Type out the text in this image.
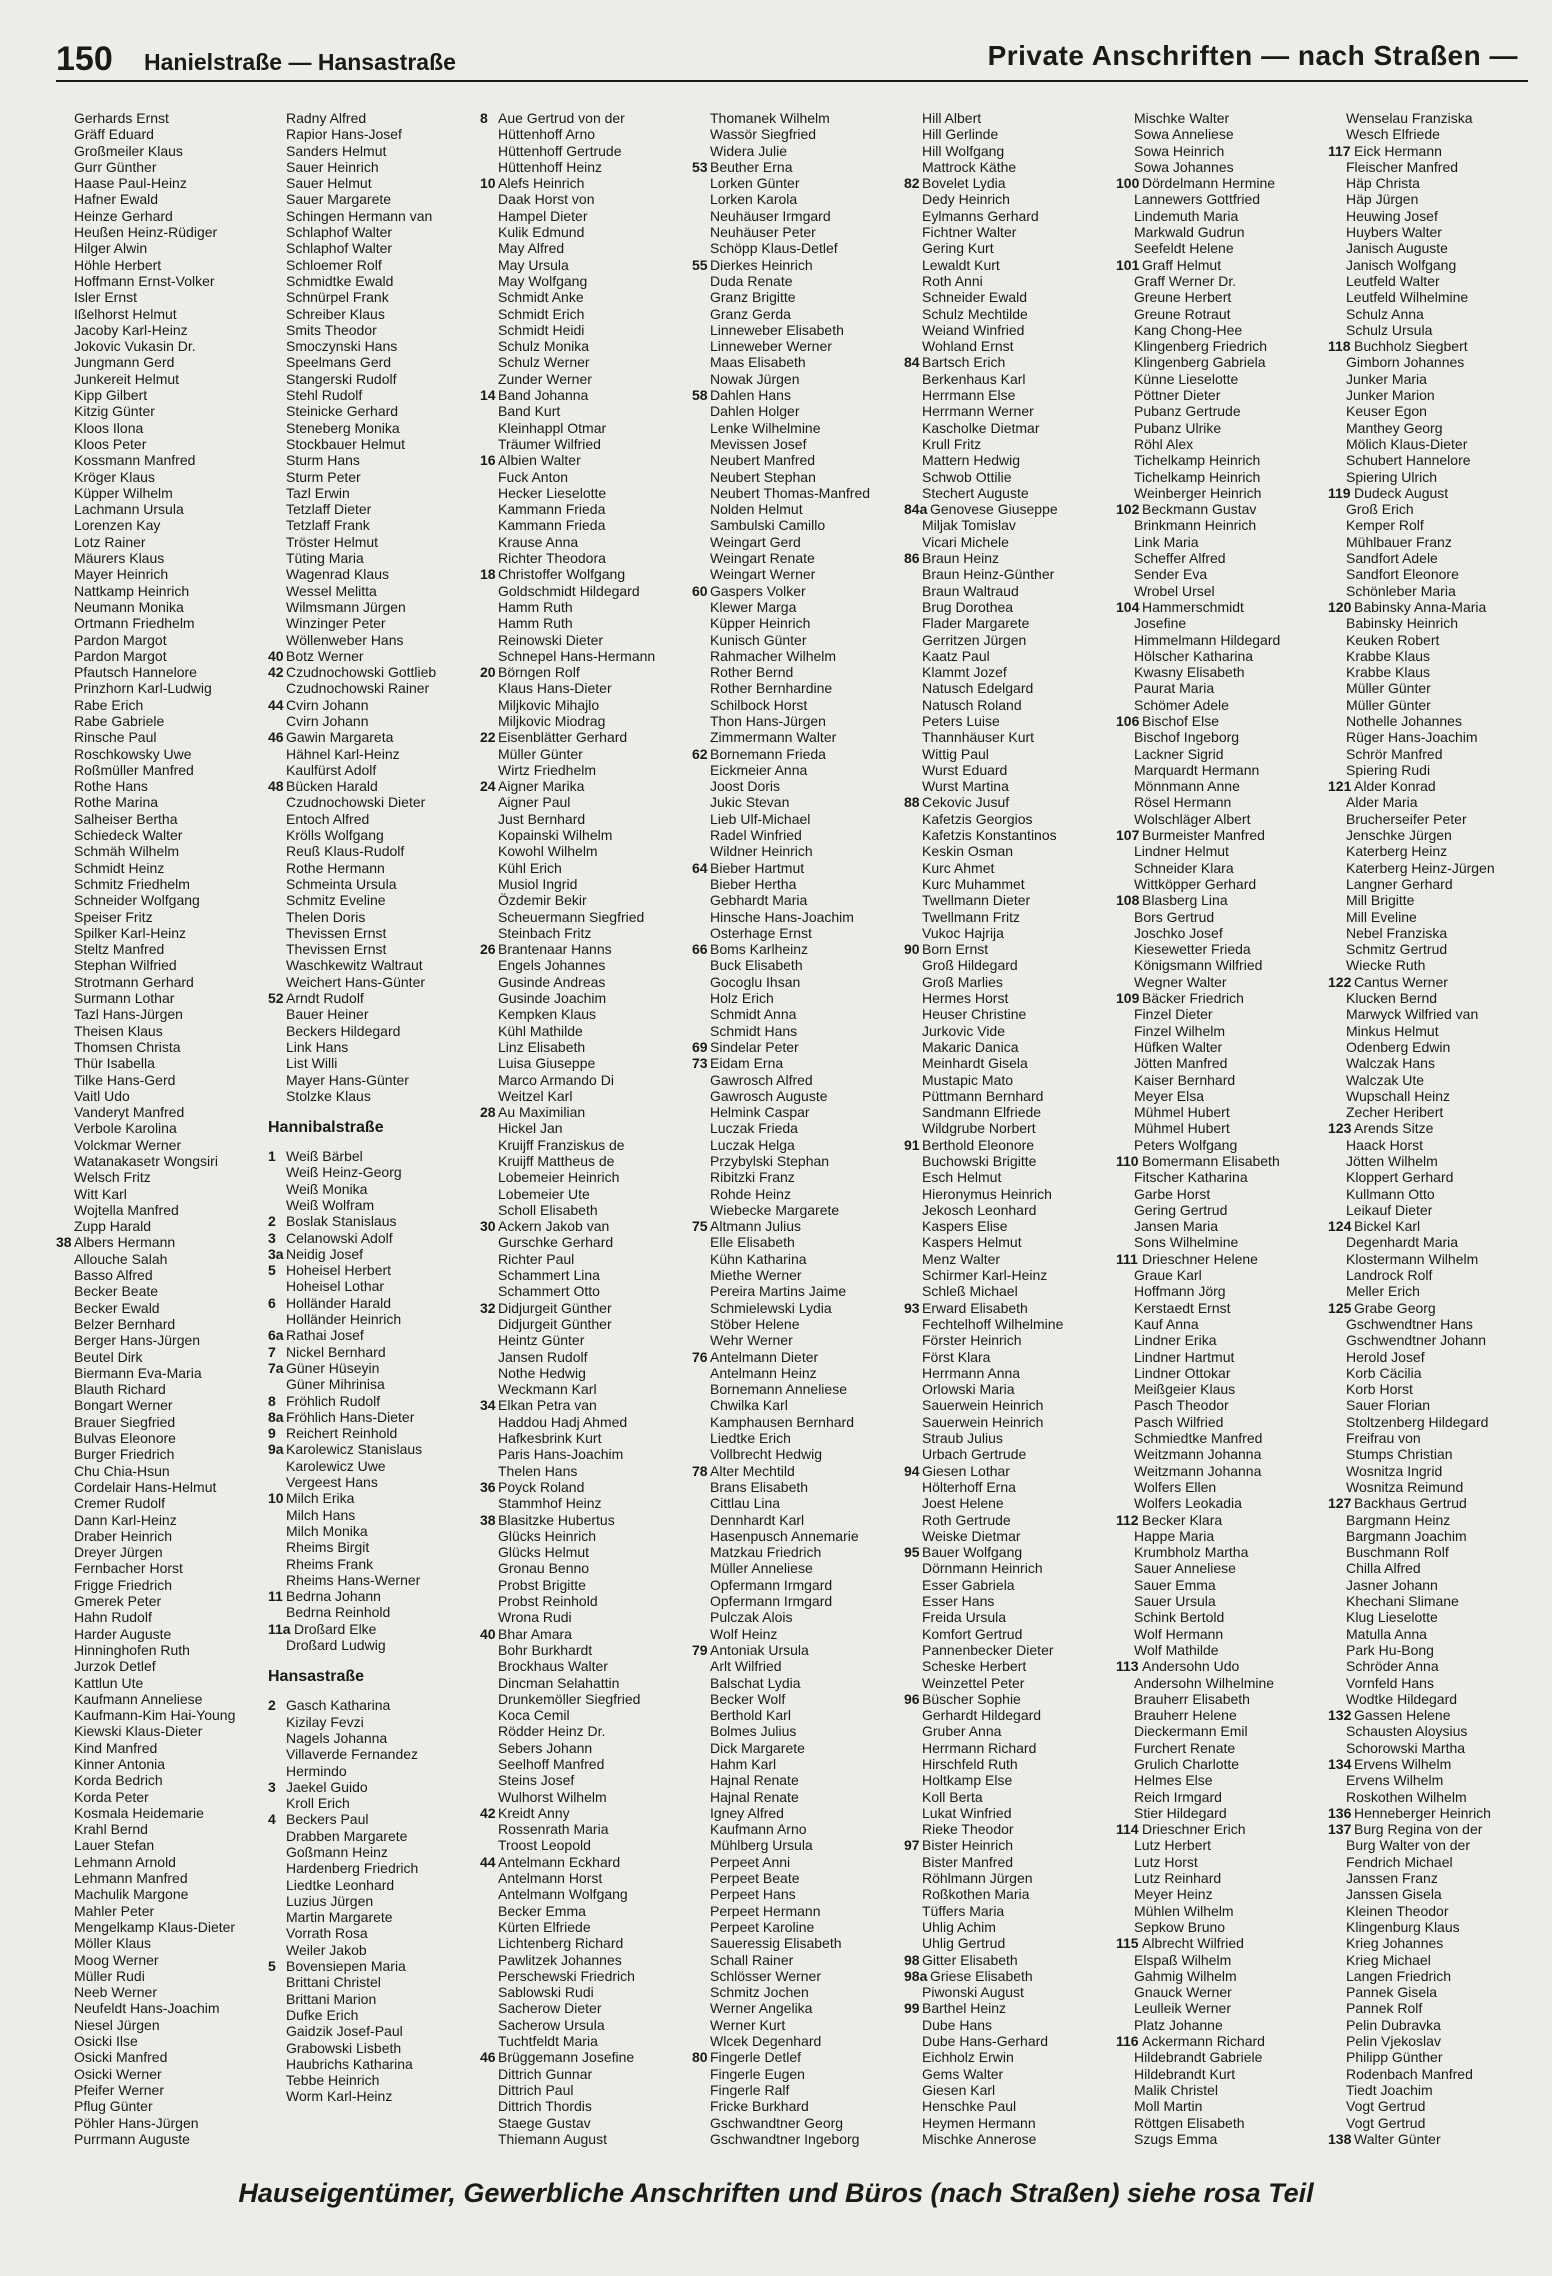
150 Hanielstraße — Hansastraße	Private Anschriften — nach Straßen —
Gerhards Ernst
Gräff Eduard
Großmeiler Klaus
Gurr Günther
Haase Paul-Heinz
Hafner Ewald
Heinze Gerhard
Heußen Heinz-Rüdiger
Hilger Alwin
Höhle Herbert
Hoffmann Ernst-Volker
Isler Ernst
Ißelhorst Helmut
Jacoby Karl-Heinz
Jokovic Vukasin Dr.
Jungmann Gerd
Junkereit Helmut
Kipp Gilbert
Kitzig Günter
Kloos Ilona
Kloos Peter
Kossmann Manfred
Kröger Klaus
Küpper Wilhelm
Lachmann Ursula
Lorenzen Kay
Lotz Rainer
Mäurers Klaus
Mayer Heinrich
Nattkamp Heinrich
Neumann Monika
Ortmann Friedhelm
Pardon Margot
Pardon Margot
Pfautsch Hannelore
Prinzhorn Karl-Ludwig
Rabe Erich
Rabe Gabriele
Rinsche Paul
Roschkowsky Uwe
Roßmüller Manfred
Rothe Hans
Rothe Marina
Salheiser Bertha
Schiedeck Walter
Schmäh Wilhelm
Schmidt Heinz
Schmitz Friedhelm
Schneider Wolfgang
Speiser Fritz
Spilker Karl-Heinz
Steltz Manfred
Stephan Wilfried
Strotmann Gerhard
Surmann Lothar
Tazl Hans-Jürgen
Theisen Klaus
Thomsen Christa
Thür Isabella
Tilke Hans-Gerd
Vaitl Udo
Vanderyt Manfred
Verbole Karolina
Volckmar Werner
Watanakasetr Wongsiri
Welsch Fritz
Witt Karl
Wojtella Manfred
Zupp Harald
38 Albers Hermann
Allouche Salah
Basso Alfred
Becker Beate
Becker Ewald
Belzer Bernhard
Berger Hans-Jürgen
Beutel Dirk
Biermann Eva-Maria
Blauth Richard
Bongart Werner
Brauer Siegfried
Bulvas Eleonore
Burger Friedrich
Chu Chia-Hsun
Cordelair Hans-Helmut
Cremer Rudolf
Dann Karl-Heinz
Draber Heinrich
Dreyer Jürgen
Fernbacher Horst
Frigge Friedrich
Gmerek Peter
Hahn Rudolf
Harder Auguste
Hinninghofen Ruth
Jurzok Detlef
Kattlun Ute
Kaufmann Anneliese
Kaufmann-Kim Hai-Young
Kiewski Klaus-Dieter
Kind Manfred
Kinner Antonia
Korda Bedrich
Korda Peter
Kosmala Heidemarie
Krahl Bernd
Lauer Stefan
Lehmann Arnold
Lehmann Manfred
Machulik Margone
Mahler Peter
Mengelkamp Klaus-Dieter
Möller Klaus
Moog Werner
Müller Rudi
Neeb Werner
Neufeldt Hans-Joachim
Niesel Jürgen
Osicki Ilse
Osicki Manfred
Osicki Werner
Pfeifer Werner
Pflug Günter
Pöhler Hans-Jürgen
Purrmann Auguste
Radny Alfred
Rapior Hans-Josef
Sanders Helmut
Sauer Heinrich
Sauer Helmut
Sauer Margarete
Schingen Hermann van
Schlaphof Walter
Schlaphof Walter
Schloemer Rolf
Schmidtke Ewald
Schnürpel Frank
Schreiber Klaus
Smits Theodor
Smoczynski Hans
Speelmans Gerd
Stangerski Rudolf
Stehl Rudolf
Steinicke Gerhard
Steneberg Monika
Stockbauer Helmut
Sturm Hans
Sturm Peter
Tazl Erwin
Tetzlaff Dieter
Tetzlaff Frank
Tröster Helmut
Tüting Maria
Wagenrad Klaus
Wessel Melitta
Wilmsmann Jürgen
Winzinger Peter
Wöllenweber Hans
40 Botz Werner
42 Czudnochowski Gottlieb
Czudnochowski Rainer
44 Cvirn Johann
Cvirn Johann
46 Gawin Margareta
Hähnel Karl-Heinz
Kaulfürst Adolf
48 Bücken Harald
Czudnochowski Dieter
Entoch Alfred
Krölls Wolfgang
Reuß Klaus-Rudolf
Rothe Hermann
Schmeinta Ursula
Schmitz Eveline
Thelen Doris
Thevissen Ernst
Thevissen Ernst
Waschkewitz Waltraut
Weichert Hans-Günter
52 Arndt Rudolf
Bauer Heiner
Beckers Hildegard
Link Hans
List Willi
Mayer Hans-Günter
Stolzke Klaus
Hannibalstraße
1 Weiß Bärbel
Weiß Heinz-Georg
Weiß Monika
Weiß Wolfram
2 Boslak Stanislaus
3 Celanowski Adolf
3a Neidig Josef
5 Hoheisel Herbert
Hoheisel Lothar
6 Holländer Harald
Holländer Heinrich
6a Rathai Josef
7 Nickel Bernhard
7a Güner Hüseyin
Güner Mihrinisa
8 Fröhlich Rudolf
8a Fröhlich Hans-Dieter
9 Reichert Reinhold
9a Karolewicz Stanislaus
Karolewicz Uwe
Vergeest Hans
10 Milch Erika
Milch Hans
Milch Monika
Rheims Birgit
Rheims Frank
Rheims Hans-Werner
11 Bedrna Johann
Bedrna Reinhold
11a Droßard Elke
Droßard Ludwig
Hansastraße
2 Gasch Katharina
Kizilay Fevzi
Nagels Johanna
Villaverde Fernandez
Hermindo
3 Jaekel Guido
Kroll Erich
4 Beckers Paul
Drabben Margarete
Goßmann Heinz
Hardenberg Friedrich
Liedtke Leonhard
Luzius Jürgen
Martin Margarete
Vorrath Rosa
Weiler Jakob
5 Bovensiepen Maria
Brittani Christel
Brittani Marion
Dufke Erich
Gaidzik Josef-Paul
Grabowski Lisbeth
Haubrichs Katharina
Tebbe Heinrich
Worm Karl-Heinz
8 Aue Gertrud von der
Hüttenhoff Arno
Hüttenhoff Gertrude
Hüttenhoff Heinz
10 Alefs Heinrich
Daak Horst von
Hampel Dieter
Kulik Edmund
May Alfred
May Ursula
May Wolfgang
Schmidt Anke
Schmidt Erich
Schmidt Heidi
Schulz Monika
Schulz Werner
Zunder Werner
14 Band Johanna
Band Kurt
Kleinhappl Otmar
Träumer Wilfried
16 Albien Walter
Fuck Anton
Hecker Lieselotte
Kammann Frieda
Kammann Frieda
Krause Anna
Richter Theodora
18 Christoffer Wolfgang
Goldschmidt Hildegard
Hamm Ruth
Hamm Ruth
Reinowski Dieter
Schnepel Hans-Hermann
20 Börngen Rolf
Klaus Hans-Dieter
Miljkovic Mihajlo
Miljkovic Miodrag
22 Eisenblätter Gerhard
Müller Günter
Wirtz Friedhelm
24 Aigner Marika
Aigner Paul
Just Bernhard
Kopainski Wilhelm
Kowohl Wilhelm
Kühl Erich
Musiol Ingrid
Özdemir Bekir
Scheuermann Siegfried
Steinbach Fritz
26 Brantenaar Hanns
Engels Johannes
Gusinde Andreas
Gusinde Joachim
Kempken Klaus
Kühl Mathilde
Linz Elisabeth
Luisa Giuseppe
Marco Armando Di
Weitzel Karl
28 Au Maximilian
Hickel Jan
Kruijff Franziskus de
Kruijff Mattheus de
Lobemeier Heinrich
Lobemeier Ute
Scholl Elisabeth
30 Ackern Jakob van
Gurschke Gerhard
Richter Paul
Schammert Lina
Schammert Otto
32 Didjurgeit Günther
Didjurgeit Günther
Heintz Günter
Jansen Rudolf
Nothe Hedwig
Weckmann Karl
34 Elkan Petra van
Haddou Hadj Ahmed
Hafkesbrink Kurt
Paris Hans-Joachim
Thelen Hans
36 Poyck Roland
Stammhof Heinz
38 Blasitzke Hubertus
Glücks Heinrich
Glücks Helmut
Gronau Benno
Probst Brigitte
Probst Reinhold
Wrona Rudi
40 Bhar Amara
Bohr Burkhardt
Brockhaus Walter
Dincman Selahattin
Drunkemöller Siegfried
Koca Cemil
Rödder Heinz Dr.
Sebers Johann
Seelhoff Manfred
Steins Josef
Wulhorst Wilhelm
42 Kreidt Anny
Rossenrath Maria
Troost Leopold
44 Antelmann Eckhard
Antelmann Horst
Antelmann Wolfgang
Becker Emma
Kürten Elfriede
Lichtenberg Richard
Pawlitzek Johannes
Perschewski Friedrich
Sablowski Rudi
Sacherow Dieter
Sacherow Ursula
Tuchtfeldt Maria
46 Brüggemann Josefine
Dittrich Gunnar
Dittrich Paul
Dittrich Thordis
Staege Gustav
Thiemann August
Thomanek Wilhelm
Wassör Siegfried
Widera Julie
53 Beuther Erna
Lorken Günter
Lorken Karola
Neuhäuser Irmgard
Neuhäuser Peter
Schöpp Klaus-Detlef
55 Dierkes Heinrich
Duda Renate
Granz Brigitte
Granz Gerda
Linneweber Elisabeth
Linneweber Werner
Maas Elisabeth
Nowak Jürgen
58 Dahlen Hans
Dahlen Holger
Lenke Wilhelmine
Mevissen Josef
Neubert Manfred
Neubert Stephan
Neubert Thomas-Manfred
Nolden Helmut
Sambulski Camillo
Weingart Gerd
Weingart Renate
Weingart Werner
60 Gaspers Volker
Klewer Marga
Küpper Heinrich
Kunisch Günter
Rahmacher Wilhelm
Rother Bernd
Rother Bernhardine
Schilbock Horst
Thon Hans-Jürgen
Zimmermann Walter
62 Bornemann Frieda
Eickmeier Anna
Joost Doris
Jukic Stevan
Lieb Ulf-Michael
Radel Winfried
Wildner Heinrich
64 Bieber Hartmut
Bieber Hertha
Gebhardt Maria
Hinsche Hans-Joachim
Osterhage Ernst
66 Boms Karlheinz
Buck Elisabeth
Gocoglu Ihsan
Holz Erich
Schmidt Anna
Schmidt Hans
69 Sindelar Peter
73 Eidam Erna
Gawrosch Alfred
Gawrosch Auguste
Helmink Caspar
Luczak Frieda
Luczak Helga
Przybylski Stephan
Ribitzki Franz
Rohde Heinz
Wiebecke Margarete
75 Altmann Julius
Elle Elisabeth
Kühn Katharina
Miethe Werner
Pereira Martins Jaime
Schmielewski Lydia
Stöber Helene
Wehr Werner
76 Antelmann Dieter
Antelmann Heinz
Bornemann Anneliese
Chwilka Karl
Kamphausen Bernhard
Liedtke Erich
Vollbrecht Hedwig
78 Alter Mechtild
Brans Elisabeth
Cittlau Lina
Dennhardt Karl
Hasenpusch Annemarie
Matzkau Friedrich
Müller Anneliese
Opfermann Irmgard
Opfermann Irmgard
Pulczak Alois
Wolf Heinz
79 Antoniak Ursula
Arlt Wilfried
Balschat Lydia
Becker Wolf
Berthold Karl
Bolmes Julius
Dick Margarete
Hahm Karl
Hajnal Renate
Hajnal Renate
Igney Alfred
Kaufmann Arno
Mühlberg Ursula
Perpeet Anni
Perpeet Beate
Perpeet Hans
Perpeet Hermann
Perpeet Karoline
Saueressig Elisabeth
Schall Rainer
Schlösser Werner
Schmitz Jochen
Werner Angelika
Werner Kurt
Wlcek Degenhard
80 Fingerle Detlef
Fingerle Eugen
Fingerle Ralf
Fricke Burkhard
Gschwandtner Georg
Gschwandtner Ingeborg
Hill Albert
Hill Gerlinde
Hill Wolfgang
Mattrock Käthe
82 Bovelet Lydia
Dedy Heinrich
Eylmanns Gerhard
Fichtner Walter
Gering Kurt
Lewaldt Kurt
Roth Anni
Schneider Ewald
Schulz Mechtilde
Weiand Winfried
Wohland Ernst
84 Bartsch Erich
Berkenhaus Karl
Herrmann Else
Herrmann Werner
Kascholke Dietmar
Krull Fritz
Mattern Hedwig
Schwob Ottilie
Stechert Auguste
84a Genovese Giuseppe
Miljak Tomislav
Vicari Michele
86 Braun Heinz
Braun Heinz-Günther
Braun Waltraud
Brug Dorothea
Flader Margarete
Gerritzen Jürgen
Kaatz Paul
Klammt Jozef
Natusch Edelgard
Natusch Roland
Peters Luise
Thannhäuser Kurt
Wittig Paul
Wurst Eduard
Wurst Martina
88 Cekovic Jusuf
Kafetzis Georgios
Kafetzis Konstantinos
Keskin Osman
Kurc Ahmet
Kurc Muhammet
Twellmann Dieter
Twellmann Fritz
Vukoc Hajrija
90 Born Ernst
Groß Hildegard
Groß Marlies
Hermes Horst
Heuser Christine
Jurkovic Vide
Makaric Danica
Meinhardt Gisela
Mustapic Mato
Püttmann Bernhard
Sandmann Elfriede
Wildgrube Norbert
91 Berthold Eleonore
Buchowski Brigitte
Esch Helmut
Hieronymus Heinrich
Jekosch Leonhard
Kaspers Elise
Kaspers Helmut
Menz Walter
Schirmer Karl-Heinz
Schleß Michael
93 Erward Elisabeth
Fechtelhoff Wilhelmine
Förster Heinrich
Först Klara
Herrmann Anna
Orlowski Maria
Sauerwein Heinrich
Sauerwein Heinrich
Straub Julius
Urbach Gertrude
94 Giesen Lothar
Hölterhoff Erna
Joest Helene
Roth Gertrude
Weiske Dietmar
95 Bauer Wolfgang
Dörnmann Heinrich
Esser Gabriela
Esser Hans
Freida Ursula
Komfort Gertrud
Pannenbecker Dieter
Scheske Herbert
Weinzettel Peter
96 Büscher Sophie
Gerhardt Hildegard
Gruber Anna
Herrmann Richard
Hirschfeld Ruth
Holtkamp Else
Koll Berta
Lukat Winfried
Rieke Theodor
97 Bister Heinrich
Bister Manfred
Röhlmann Jürgen
Roßkothen Maria
Tüffers Maria
Uhlig Achim
Uhlig Gertrud
98 Gitter Elisabeth
98a Griese Elisabeth
Piwonski August
99 Barthel Heinz
Dube Hans
Dube Hans-Gerhard
Eichholz Erwin
Gems Walter
Giesen Karl
Henschke Paul
Heymen Hermann
Mischke Annerose
Mischke Walter
Sowa Anneliese
Sowa Heinrich
Sowa Johannes
100 Dördelmann Hermine
Lannewers Gottfried
Lindemuth Maria
Markwald Gudrun
Seefeldt Helene
101 Graff Helmut
Graff Werner Dr.
Greune Herbert
Greune Rotraut
Kang Chong-Hee
Klingenberg Friedrich
Klingenberg Gabriela
Künne Lieselotte
Pöttner Dieter
Pubanz Gertrude
Pubanz Ulrike
Röhl Alex
Tichelkamp Heinrich
Tichelkamp Heinrich
Weinberger Heinrich
102 Beckmann Gustav
Brinkmann Heinrich
Link Maria
Scheffer Alfred
Sender Eva
Wrobel Ursel
104 Hammerschmidt
Josefine
Himmelmann Hildegard
Hölscher Katharina
Kwasny Elisabeth
Paurat Maria
Schömer Adele
106 Bischof Else
Bischof Ingeborg
Lackner Sigrid
Marquardt Hermann
Mönnmann Anne
Rösel Hermann
Wolschläger Albert
107 Burmeister Manfred
Lindner Helmut
Schneider Klara
Wittköpper Gerhard
108 Blasberg Lina
Bors Gertrud
Joschko Josef
Kiesewetter Frieda
Königsmann Wilfried
Wegner Walter
109 Bäcker Friedrich
Finzel Dieter
Finzel Wilhelm
Hüfken Walter
Jötten Manfred
Kaiser Bernhard
Meyer Elsa
Mühmel Hubert
Mühmel Hubert
Peters Wolfgang
110 Bomermann Elisabeth
Fitscher Katharina
Garbe Horst
Gering Gertrud
Jansen Maria
Sons Wilhelmine
111 Drieschner Helene
Graue Karl
Hoffmann Jörg
Kerstaedt Ernst
Kauf Anna
Lindner Erika
Lindner Hartmut
Lindner Ottokar
Meißgeier Klaus
Pasch Theodor
Pasch Wilfried
Schmiedtke Manfred
Weitzmann Johanna
Weitzmann Johanna
Wolfers Ellen
Wolfers Leokadia
112 Becker Klara
Happe Maria
Krumbholz Martha
Sauer Anneliese
Sauer Emma
Sauer Ursula
Schink Bertold
Wolf Hermann
Wolf Mathilde
113 Andersohn Udo
Andersohn Wilhelmine
Brauherr Elisabeth
Brauherr Helene
Dieckermann Emil
Furchert Renate
Grulich Charlotte
Helmes Else
Reich Irmgard
Stier Hildegard
114 Drieschner Erich
Lutz Herbert
Lutz Horst
Lutz Reinhard
Meyer Heinz
Mühlen Wilhelm
Sepkow Bruno
115 Albrecht Wilfried
Elspaß Wilhelm
Gahmig Wilhelm
Gnauck Werner
Leulleik Werner
Platz Johanne
116 Ackermann Richard
Hildebrandt Gabriele
Hildebrandt Kurt
Malik Christel
Moll Martin
Röttgen Elisabeth
Szugs Emma
Wenselau Franziska
Wesch Elfriede
117 Eick Hermann
Fleischer Manfred
Häp Christa
Häp Jürgen
Heuwing Josef
Huybers Walter
Janisch Auguste
Janisch Wolfgang
Leutfeld Walter
Leutfeld Wilhelmine
Schulz Anna
Schulz Ursula
118 Buchholz Siegbert
Gimborn Johannes
Junker Maria
Junker Marion
Keuser Egon
Manthey Georg
Mölich Klaus-Dieter
Schubert Hannelore
Spiering Ulrich
119 Dudeck August
Groß Erich
Kemper Rolf
Mühlbauer Franz
Sandfort Adele
Sandfort Eleonore
Schönleber Maria
120 Babinsky Anna-Maria
Babinsky Heinrich
Keuken Robert
Krabbe Klaus
Krabbe Klaus
Müller Günter
Müller Günter
Nothelle Johannes
Rüger Hans-Joachim
Schrör Manfred
Spiering Rudi
121 Alder Konrad
Alder Maria
Brucherseifer Peter
Jenschke Jürgen
Katerberg Heinz
Katerberg Heinz-Jürgen
Langner Gerhard
Mill Brigitte
Mill Eveline
Nebel Franziska
Schmitz Gertrud
Wiecke Ruth
122 Cantus Werner
Klucken Bernd
Marwyck Wilfried van
Minkus Helmut
Odenberg Edwin
Walczak Hans
Walczak Ute
Wupschall Heinz
Zecher Heribert
123 Arends Sitze
Haack Horst
Jötten Wilhelm
Kloppert Gerhard
Kullmann Otto
Leikauf Dieter
124 Bickel Karl
Degenhardt Maria
Klostermann Wilhelm
Landrock Rolf
Meller Erich
125 Grabe Georg
Gschwendtner Hans
Gschwendtner Johann
Herold Josef
Korb Cäcilia
Korb Horst
Sauer Florian
Stoltzenberg Hildegard
Freifrau von
Stumps Christian
Wosnitza Ingrid
Wosnitza Reimund
127 Backhaus Gertrud
Bargmann Heinz
Bargmann Joachim
Buschmann Rolf
Chilla Alfred
Jasner Johann
Khechani Slimane
Klug Lieselotte
Matulla Anna
Park Hu-Bong
Schröder Anna
Vornfeld Hans
Wodtke Hildegard
132 Gassen Helene
Schausten Aloysius
Schorowski Martha
134 Ervens Wilhelm
Ervens Wilhelm
Roskothen Wilhelm
136 Henneberger Heinrich
137 Burg Regina von der
Burg Walter von der
Fendrich Michael
Janssen Franz
Janssen Gisela
Kleinen Theodor
Klingenburg Klaus
Krieg Johannes
Krieg Michael
Langen Friedrich
Pannek Gisela
Pannek Rolf
Pelin Dubravka
Pelin Vjekoslav
Philipp Günther
Rodenbach Manfred
Tiedt Joachim
Vogt Gertrud
Vogt Gertrud
138 Walter Günter
Hauseigentümer, Gewerbliche Anschriften und Büros (nach Straßen) siehe rosa Teil
